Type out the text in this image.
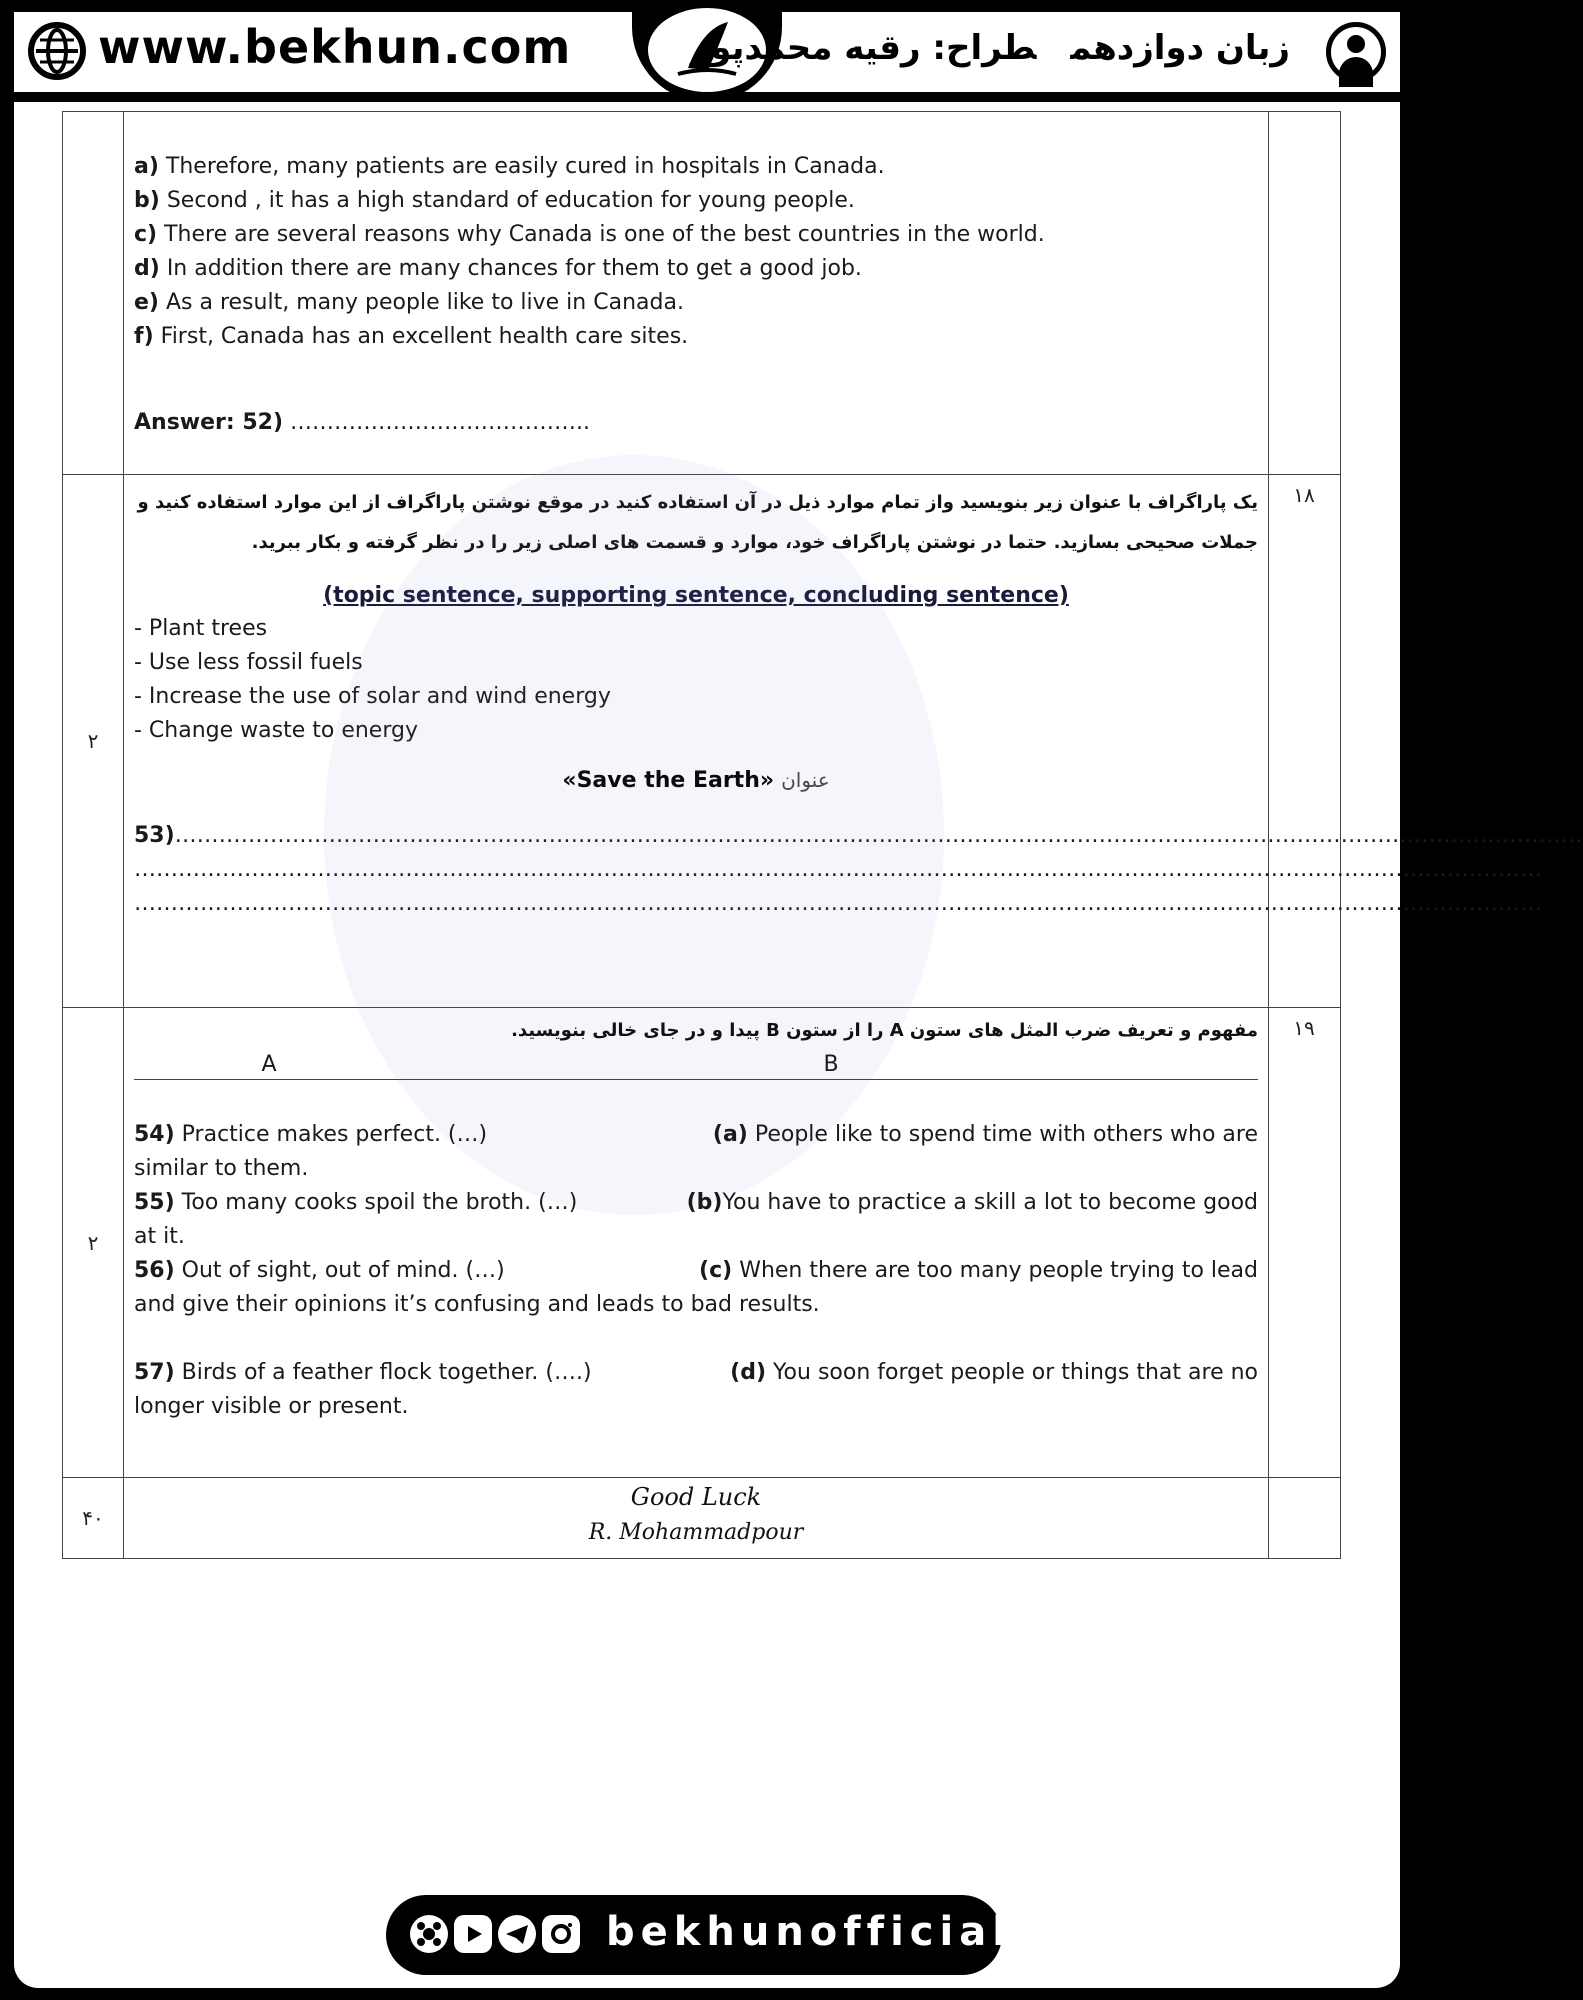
www.bekhun.com	زبان دوازدهمطراح: رقیه محمدپور
a) Therefore, many patients are easily cured in hospitals in Canada.
b) Second , it has a high standard of education for young people.
c) There are several reasons why Canada is one of the best countries in the world.
d) In addition there are many chances for them to get a good job.
e) As a result, many people like to live in Canada.
f) First, Canada has an excellent health care sites.
Answer: 52) …………………………………..
۲
یک پاراگراف با عنوان زیر بنویسید واز تمام موارد ذیل در آن استفاده کنید در موقع نوشتن پاراگراف از این موارد استفاده کنید و جملات صحیحی بسازید. حتما در نوشتن پاراگراف خود، موارد و قسمت های اصلی زیر را در نظر گرفته و بکار ببرید.
(topic sentence, supporting sentence, concluding sentence)
- Plant trees
- Use less fossil fuels
- Increase the use of solar and wind energy
- Change waste to energy
«Save the Earth» عنوان
53)…………………………………………………………………………………………………………………………………………………………………………
…………………………………………………………………………………………………………………………………………………………………………
…………………………………………………………………………………………………………………………………………………………………………
۱۸
۲
مفهوم و تعریف ضرب المثل های ستون A را از ستون B پیدا و در جای خالی بنویسید.
A	B
54) Practice makes perfect. (…)	(a) People like to spend time with others who are
similar to them.
55) Too many cooks spoil the broth. (…)	(b)You have to practice a skill a lot to become good
at it.
56) Out of sight, out of mind. (…)	(c) When there are too many people trying to lead
and give their opinions it’s confusing and leads to bad results.
57) Birds of a feather flock together. (….)	(d) You soon forget people or things that are no
longer visible or present.
۱۹
۴۰
Good Luck
R. Mohammadpour
bekhunofficial
